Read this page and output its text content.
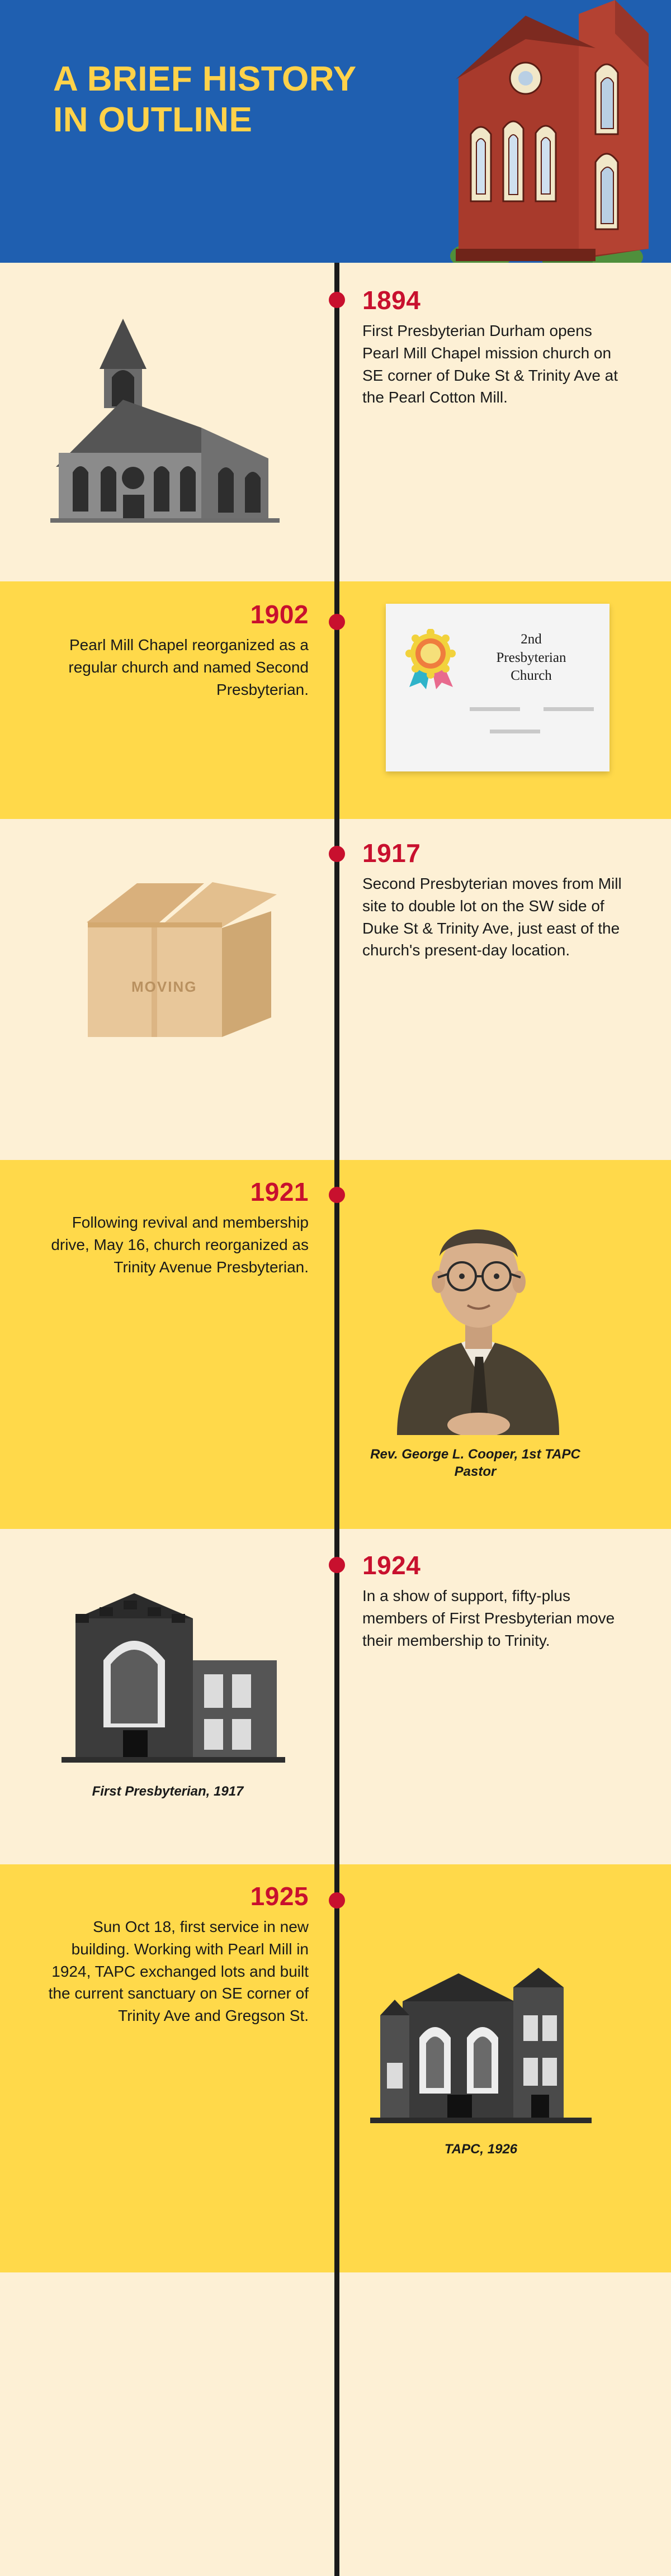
A BRIEF HISTORY
IN OUTLINE
1894

First Presbyterian Durham opens Pearl Mill Chapel mission church on SE corner of Duke St & Trinity Ave at the Pearl Cotton Mill.

1902

Pearl Mill Chapel reorganized as a regular church and named Second Presbyterian.

2nd
Presbyterian
Church
MOVING
1917

Second Presbyterian moves from Mill site to double lot on the SW side of Duke St & Trinity Ave, just east of the church's present-day location.

1921

Following revival and membership drive, May 16, church reorganized as Trinity Avenue Presbyterian.

Rev. George L. Cooper, 1st TAPC Pastor
First Presbyterian, 1917
1924

In a show of support, fifty-plus members of First Presbyterian move their membership to Trinity.

1925

Sun Oct 18, first service in new building. Working with Pearl Mill in 1924, TAPC exchanged lots and built the current sanctuary on SE corner of Trinity Ave and Gregson St.

TAPC, 1926
